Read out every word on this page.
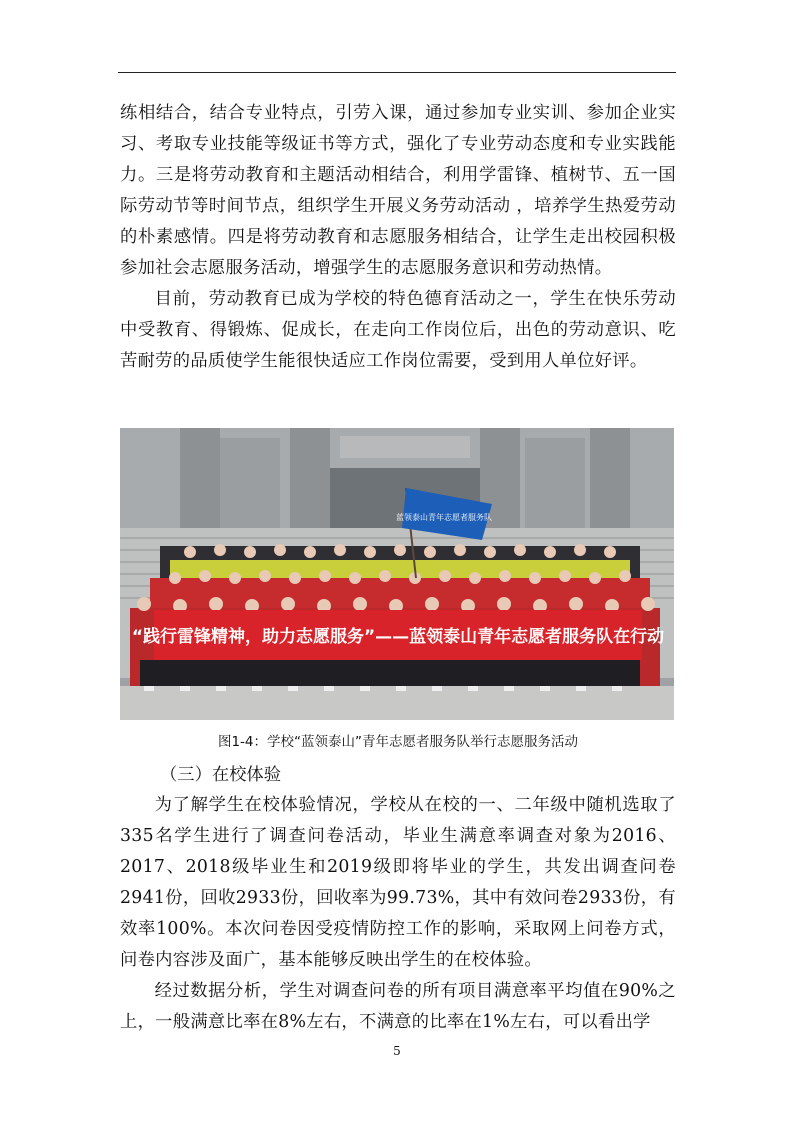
练相结合，结合专业特点，引劳入课，通过参加专业实训、参加企业实习、考取专业技能等级证书等方式，强化了专业劳动态度和专业实践能力。三是将劳动教育和主题活动相结合，利用学雷锋、植树节、五一国际劳动节等时间节点，组织学生开展义务劳动活动 ，培养学生热爱劳动的朴素感情。四是将劳动教育和志愿服务相结合，让学生走出校园积极参加社会志愿服务活动，增强学生的志愿服务意识和劳动热情。

目前，劳动教育已成为学校的特色德育活动之一，学生在快乐劳动中受教育、得锻炼、促成长，在走向工作岗位后，出色的劳动意识、吃苦耐劳的品质使学生能很快适应工作岗位需要，受到用人单位好评。

蓝领泰山青年志愿者服务队
“践行雷锋精神，助力志愿服务”——蓝领泰山青年志愿者服务队在行动
图1-4：学校“蓝领泰山”青年志愿者服务队举行志愿服务活动
（三）在校体验

为了解学生在校体验情况，学校从在校的一、二年级中随机选取了335名学生进行了调查问卷活动，毕业生满意率调查对象为2016、2017、2018级毕业生和2019级即将毕业的学生，共发出调查问卷2941份，回收2933份，回收率为99.73%，其中有效问卷2933份，有效率100%。本次问卷因受疫情防控工作的影响，采取网上问卷方式，问卷内容涉及面广，基本能够反映出学生的在校体验。

经过数据分析，学生对调查问卷的所有项目满意率平均值在90%之上，一般满意比率在8%左右，不满意的比率在1%左右，可以看出学

5
